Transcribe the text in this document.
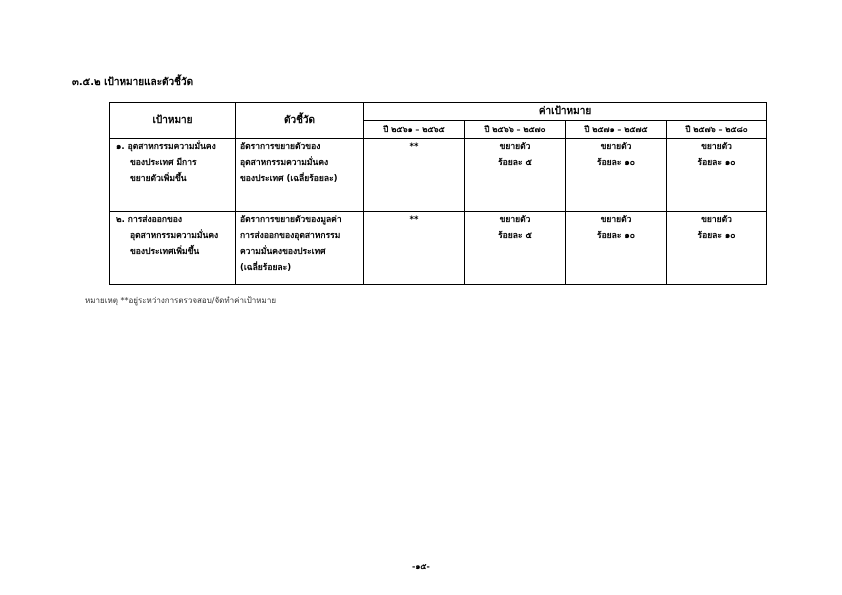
๓.๕.๒ เป้าหมายและตัวชี้วัด
เป้าหมาย	ตัวชี้วัด	ค่าเป้าหมาย			
		ปี ๒๕๖๑ – ๒๕๖๕	ปี ๒๕๖๖ – ๒๕๗๐	ปี ๒๕๗๑ – ๒๕๗๕	ปี ๒๕๗๖ – ๒๕๘๐

๑. อุตสาหกรรมความมั่นคง
ของประเทศ มีการ
ขยายตัวเพิ่มขึ้น	อัตราการขยายตัวของ
อุตสาหกรรมความมั่นคง
ของประเทศ (เฉลี่ยร้อยละ)	**	ขยายตัว
ร้อยละ ๕	ขยายตัว
ร้อยละ ๑๐	ขยายตัว
ร้อยละ ๑๐

๒. การส่งออกของ
อุตสาหกรรมความมั่นคง
ของประเทศเพิ่มขึ้น	อัตราการขยายตัวของมูลค่า
การส่งออกของอุตสาหกรรม
ความมั่นคงของประเทศ
(เฉลี่ยร้อยละ)	**	ขยายตัว
ร้อยละ ๕	ขยายตัว
ร้อยละ ๑๐	ขยายตัว
ร้อยละ ๑๐
หมายเหตุ **อยู่ระหว่างการตรวจสอบ/จัดทำค่าเป้าหมาย
-๑๕-
